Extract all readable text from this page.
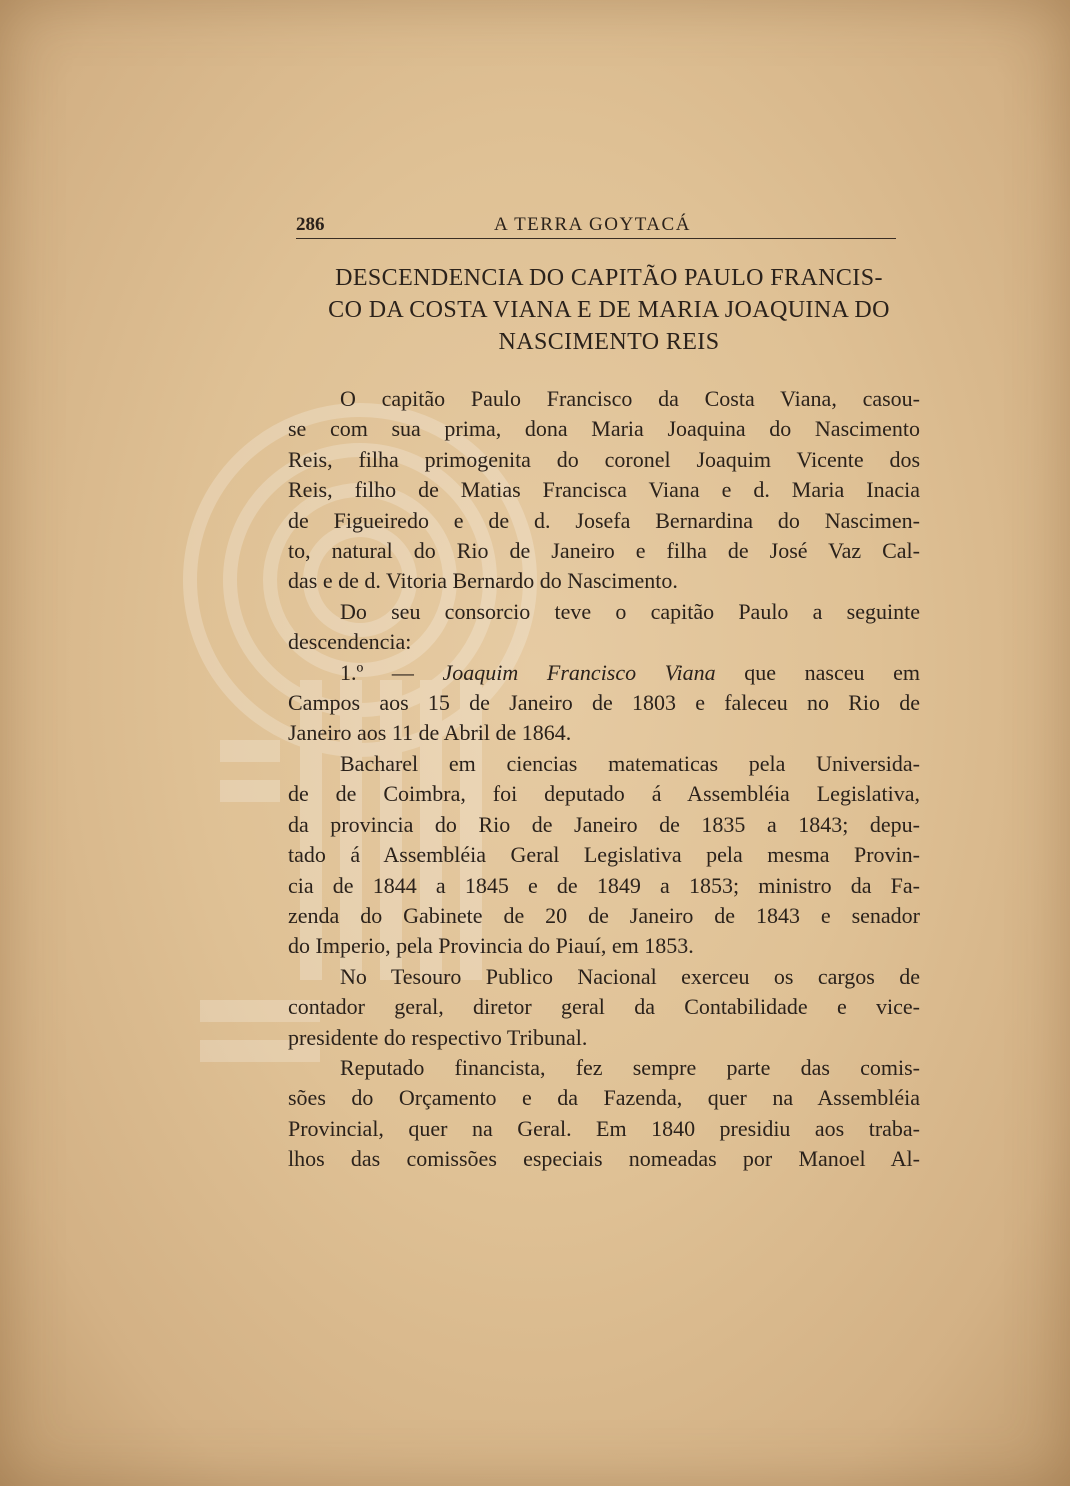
286	A TERRA GOYTACÁ
DESCENDENCIA DO CAPITÃO PAULO FRANCIS-
CO DA COSTA VIANA E DE MARIA JOAQUINA DO
NASCIMENTO REIS

O capitão Paulo Francisco da Costa Viana, casou-
se com sua prima, dona Maria Joaquina do Nascimento
Reis, filha primogenita do coronel Joaquim Vicente dos
Reis, filho de Matias Francisca Viana e d. Maria Inacia
de Figueiredo e de d. Josefa Bernardina do Nascimen-
to, natural do Rio de Janeiro e filha de José Vaz Cal-
das e de d. Vitoria Bernardo do Nascimento.

Do seu consorcio teve o capitão Paulo a seguinte
descendencia:

1.º — Joaquim Francisco Viana que nasceu em
Campos aos 15 de Janeiro de 1803 e faleceu no Rio de
Janeiro aos 11 de Abril de 1864.

Bacharel em ciencias matematicas pela Universida-
de de Coimbra, foi deputado á Assembléia Legislativa,
da provincia do Rio de Janeiro de 1835 a 1843; depu-
tado á Assembléia Geral Legislativa pela mesma Provin-
cia de 1844 a 1845 e de 1849 a 1853; ministro da Fa-
zenda do Gabinete de 20 de Janeiro de 1843 e senador
do Imperio, pela Provincia do Piauí, em 1853.

No Tesouro Publico Nacional exerceu os cargos de
contador geral, diretor geral da Contabilidade e vice-
presidente do respectivo Tribunal.

Reputado financista, fez sempre parte das comis-
sões do Orçamento e da Fazenda, quer na Assembléia
Provincial, quer na Geral. Em 1840 presidiu aos traba-
lhos das comissões especiais nomeadas por Manoel Al-
